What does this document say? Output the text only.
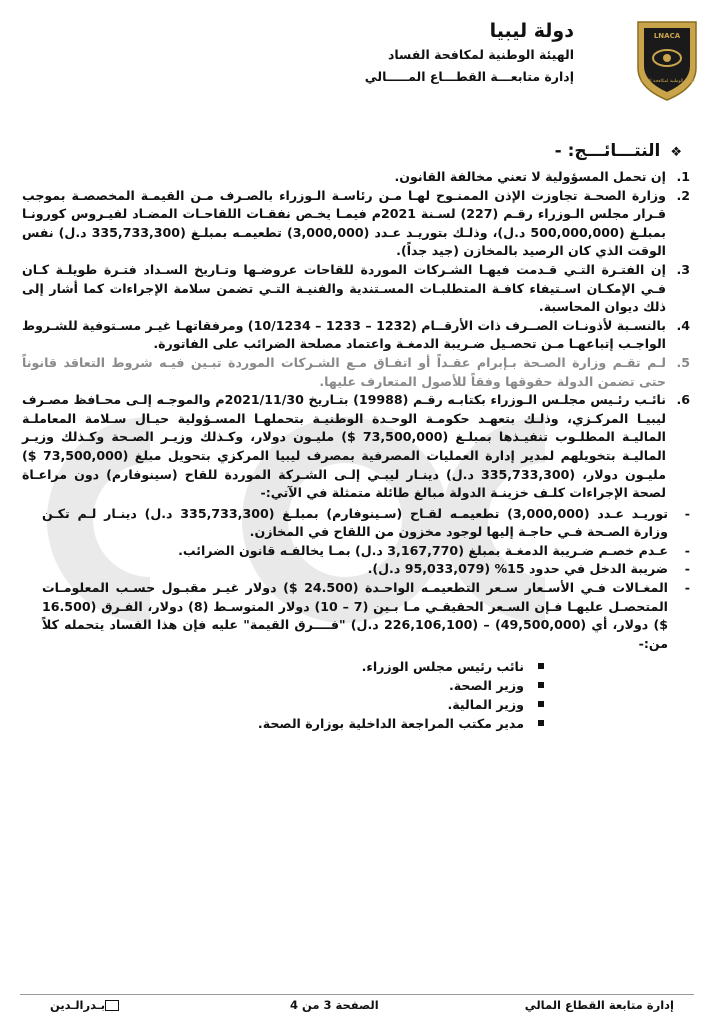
دولة ليبيا
الهيئة الوطنية لمكافحة الفساد
إدارة متابعـــة القطـــاع المـــــالي
LNACA
الهيئة الوطنية لمكافحة الفساد
❖النتـــائـــج: -
إن تحمل المسؤولية لا تعني مخالفة القانون.
وزارة الصحـة تجاوزت الإذن الممنـوح لهـا مـن رئاسـة الـوزراء بالصـرف مـن القيمـة المخصصـة بموجب قـرار مجلس الـوزراء رقـم (227) لسـنة 2021م فيمـا يخـص نفقـات اللقاحـات المضـاد لفيـروس كورونـا بمبلـغ (500,000,000 د.ل)، وذلـك بتوريـد عـدد (3,000,000) تطعيمـه بمبلـغ (335,733,300 د.ل) نفس الوقت الذي كان الرصيد بالمخازن (جيد جداً).
إن الفتـرة التـي قـدمت فيهـا الشـركات الموردة للقاحات عروضـها وتـاريخ السـداد فتـرة طويلـة كـان فـي الإمكـان اسـتيفاء كافـة المتطلبـات المسـتندية والفنيـة التـي تضمن سلامة الإجراءات كما أشار إلى ذلك ديوان المحاسبة.
بالنسـبة لأذونـات الصــرف ذات الأرقــام (1232 – 1233 – 10/1234) ومرفقاتهـا غيـر مسـتوفية للشـروط الواجـب إتباعهـا مـن تحصـيل ضـريبة الدمغـة واعتماد مصلحة الضرائب على الفاتورة.
لـم تقـم وزارة الصـحة بـإبرام عقـداً أو اتفـاق مـع الشـركات الموردة تبـين فيـه شروط التعاقد قانوناً حتى تضمن الدولة حقوقها وفقاً للأصول المتعارف عليها.
نائـب رئـيس مجلـس الـوزراء بكتابـه رقـم (19988) بتـاريخ 2021/11/30م والموجـه إلـى محـافظ مصـرف ليبيـا المركـزي، وذلـك بتعهـد حكومـة الوحـدة الوطنيـة بتحملهـا المسـؤولية حيـال سـلامة المعاملـة الماليـة المطلـوب تنفيـذها بمبلـغ (73,500,000 $) مليـون دولار، وكـذلك وزيـر الصـحة وكـذلك وزيـر الماليـة بتخويلهم لمدير إدارة العمليات المصرفية بمصرف ليبيا المركزي بتحويل مبلغ (73,500,000 $) مليـون دولار، (335,733,300 د.ل) دينـار ليبـي إلـى الشـركة الموردة للقاح (سينوفارم) دون مراعـاة لصحة الإجراءات كلـف خزينـة الدولة مبالغ طائلة متمثلة في الآتي:-
- توريـد عـدد (3,000,000) تطعيمـه لقـاح (سـينوفارم) بمبلـغ (335,733,300 د.ل) دينـار لـم تكـن وزارة الصـحة فـي حاجـة إليها لوجود مخزون من اللقاح في المخازن.
- عـدم خصـم ضـريبة الدمغـة بمبلغ (3,167,770 د.ل) بمـا يخالفـه قانون الضرائب.
- ضريبة الدخل في حدود 15% (95,033,079 د.ل).
- المغـالات فـي الأسـعار سـعر التطعيمـه الواحـدة (24.500 $) دولار غيـر مقبـول حسـب المعلومـات المتحصـل عليهـا فـإن السـعر الحقيقـي مـا بـين (7 – 10) دولار المتوسـط (8) دولار، الفـرق (16.500 $) دولار، أي (49,500,000) – (226,106,100 د.ل) "فــــرق القيمة" عليه فإن هذا الفساد يتحمله كلاً من:-
نائب رئيس مجلس الوزراء.
وزير الصحة.
وزير المالية.
مدير مكتب المراجعة الداخلية بوزارة الصحة.
إدارة متابعة القطاع المالي
الصفحة 3 من 4
بـدرالـدين
